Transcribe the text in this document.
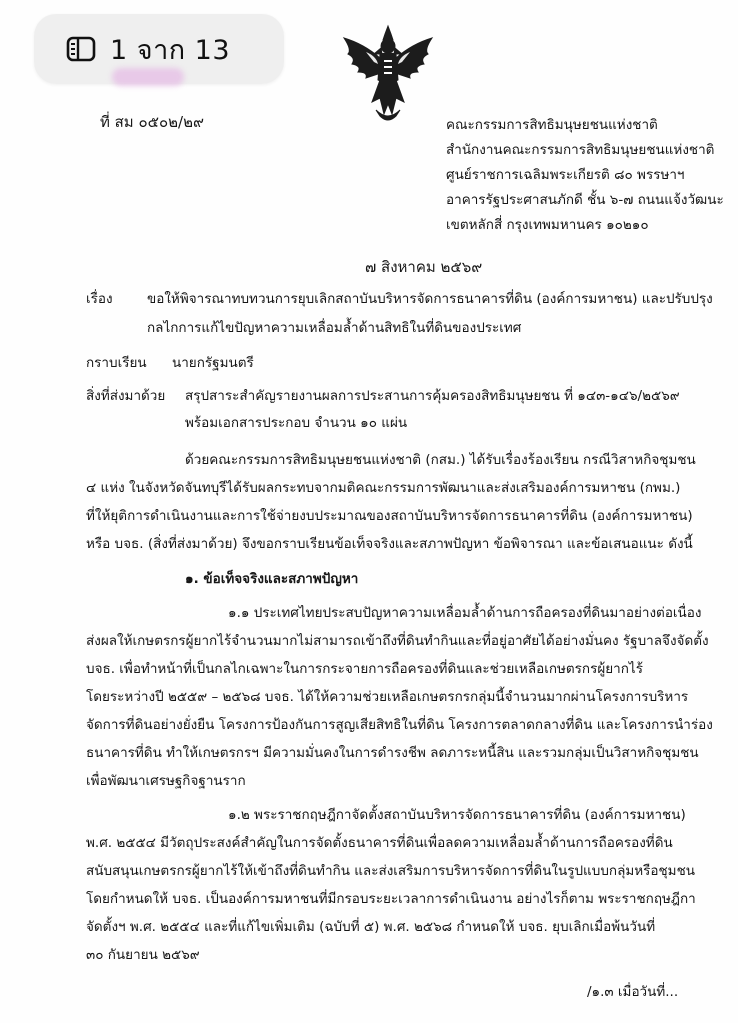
ที่ สม ๐๕๐๒/๒๙	คณะกรรมการสิทธิมนุษยชนแห่งชาติ
สำนักงานคณะกรรมการสิทธิมนุษยชนแห่งชาติ
ศูนย์ราชการเฉลิมพระเกียรติ ๘๐ พรรษาฯ
อาคารรัฐประศาสนภักดี ชั้น ๖-๗ ถนนแจ้งวัฒนะ
เขตหลักสี่ กรุงเทพมหานคร ๑๐๒๑๐
๗ สิงหาคม ๒๕๖๙
เรื่อง	ขอให้พิจารณาทบทวนการยุบเลิกสถาบันบริหารจัดการธนาคารที่ดิน (องค์การมหาชน) และปรับปรุง
กลไกการแก้ไขปัญหาความเหลื่อมล้ำด้านสิทธิในที่ดินของประเทศ
กราบเรียน นายกรัฐมนตรี
สิ่งที่ส่งมาด้วย สรุปสาระสำคัญรายงานผลการประสานการคุ้มครองสิทธิมนุษยชน ที่ ๑๔๓-๑๔๖/๒๕๖๙
พร้อมเอกสารประกอบ จำนวน ๑๐ แผ่น
ด้วยคณะกรรมการสิทธิมนุษยชนแห่งชาติ (กสม.) ได้รับเรื่องร้องเรียน กรณีวิสาหกิจชุมชน
๔ แห่ง ในจังหวัดจันทบุรีได้รับผลกระทบจากมติคณะกรรมการพัฒนาและส่งเสริมองค์การมหาชน (กพม.)
ที่ให้ยุติการดำเนินงานและการใช้จ่ายงบประมาณของสถาบันบริหารจัดการธนาคารที่ดิน (องค์การมหาชน)
หรือ บจธ. (สิ่งที่ส่งมาด้วย) จึงขอกราบเรียนข้อเท็จจริงและสภาพปัญหา ข้อพิจารณา และข้อเสนอแนะ ดังนี้
๑. ข้อเท็จจริงและสภาพปัญหา
๑.๑ ประเทศไทยประสบปัญหาความเหลื่อมล้ำด้านการถือครองที่ดินมาอย่างต่อเนื่อง
ส่งผลให้เกษตรกรผู้ยากไร้จำนวนมากไม่สามารถเข้าถึงที่ดินทำกินและที่อยู่อาศัยได้อย่างมั่นคง รัฐบาลจึงจัดตั้ง
บจธ. เพื่อทำหน้าที่เป็นกลไกเฉพาะในการกระจายการถือครองที่ดินและช่วยเหลือเกษตรกรผู้ยากไร้
โดยระหว่างปี ๒๕๕๙ – ๒๕๖๘ บจธ. ได้ให้ความช่วยเหลือเกษตรกรกลุ่มนี้จำนวนมากผ่านโครงการบริหาร
จัดการที่ดินอย่างยั่งยืน โครงการป้องกันการสูญเสียสิทธิในที่ดิน โครงการตลาดกลางที่ดิน และโครงการนำร่อง
ธนาคารที่ดิน ทำให้เกษตรกรฯ มีความมั่นคงในการดำรงชีพ ลดภาระหนี้สิน และรวมกลุ่มเป็นวิสาหกิจชุมชน
เพื่อพัฒนาเศรษฐกิจฐานราก
๑.๒ พระราชกฤษฎีกาจัดตั้งสถาบันบริหารจัดการธนาคารที่ดิน (องค์การมหาชน)
พ.ศ. ๒๕๕๔ มีวัตถุประสงค์สำคัญในการจัดตั้งธนาคารที่ดินเพื่อลดความเหลื่อมล้ำด้านการถือครองที่ดิน
สนับสนุนเกษตรกรผู้ยากไร้ให้เข้าถึงที่ดินทำกิน และส่งเสริมการบริหารจัดการที่ดินในรูปแบบกลุ่มหรือชุมชน
โดยกำหนดให้ บจธ. เป็นองค์การมหาชนที่มีกรอบระยะเวลาการดำเนินงาน อย่างไรก็ตาม พระราชกฤษฎีกา
จัดตั้งฯ พ.ศ. ๒๕๕๔ และที่แก้ไขเพิ่มเติม (ฉบับที่ ๕) พ.ศ. ๒๕๖๘ กำหนดให้ บจธ. ยุบเลิกเมื่อพ้นวันที่
๓๐ กันยายน ๒๕๖๙
/๑.๓ เมื่อวันที่...
1 จาก 13
